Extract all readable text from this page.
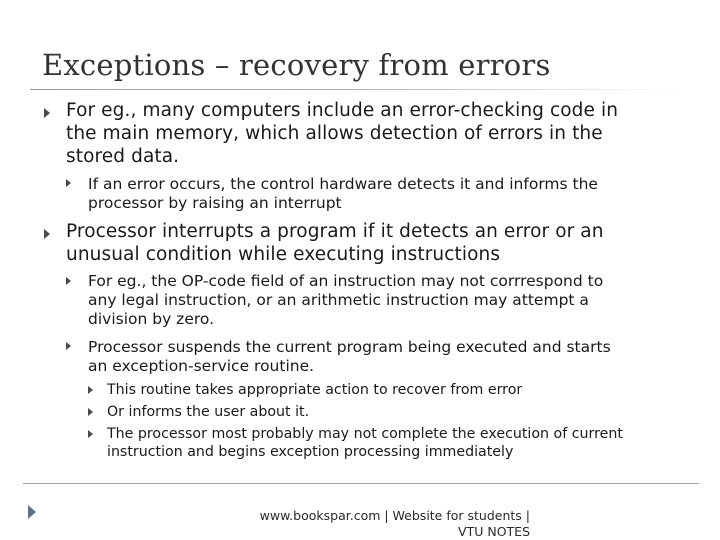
Exceptions – recovery from errors
For eg., many computers include an error-checking code in
the main memory, which allows detection of errors in the
stored data.
If an error occurs, the control hardware detects it and informs the
processor by raising an interrupt
Processor interrupts a program if it detects an error or an
unusual condition while executing instructions
For eg., the OP-code field of an instruction may not corrrespond to
any legal instruction, or an arithmetic instruction may attempt a
division by zero.
Processor suspends the current program being executed and starts
an exception-service routine.
This routine takes appropriate action to recover from error
Or informs the user about it.
The processor most probably may not complete the execution of current
instruction and begins exception processing immediately
www.bookspar.com | Website for students |
VTU NOTES
